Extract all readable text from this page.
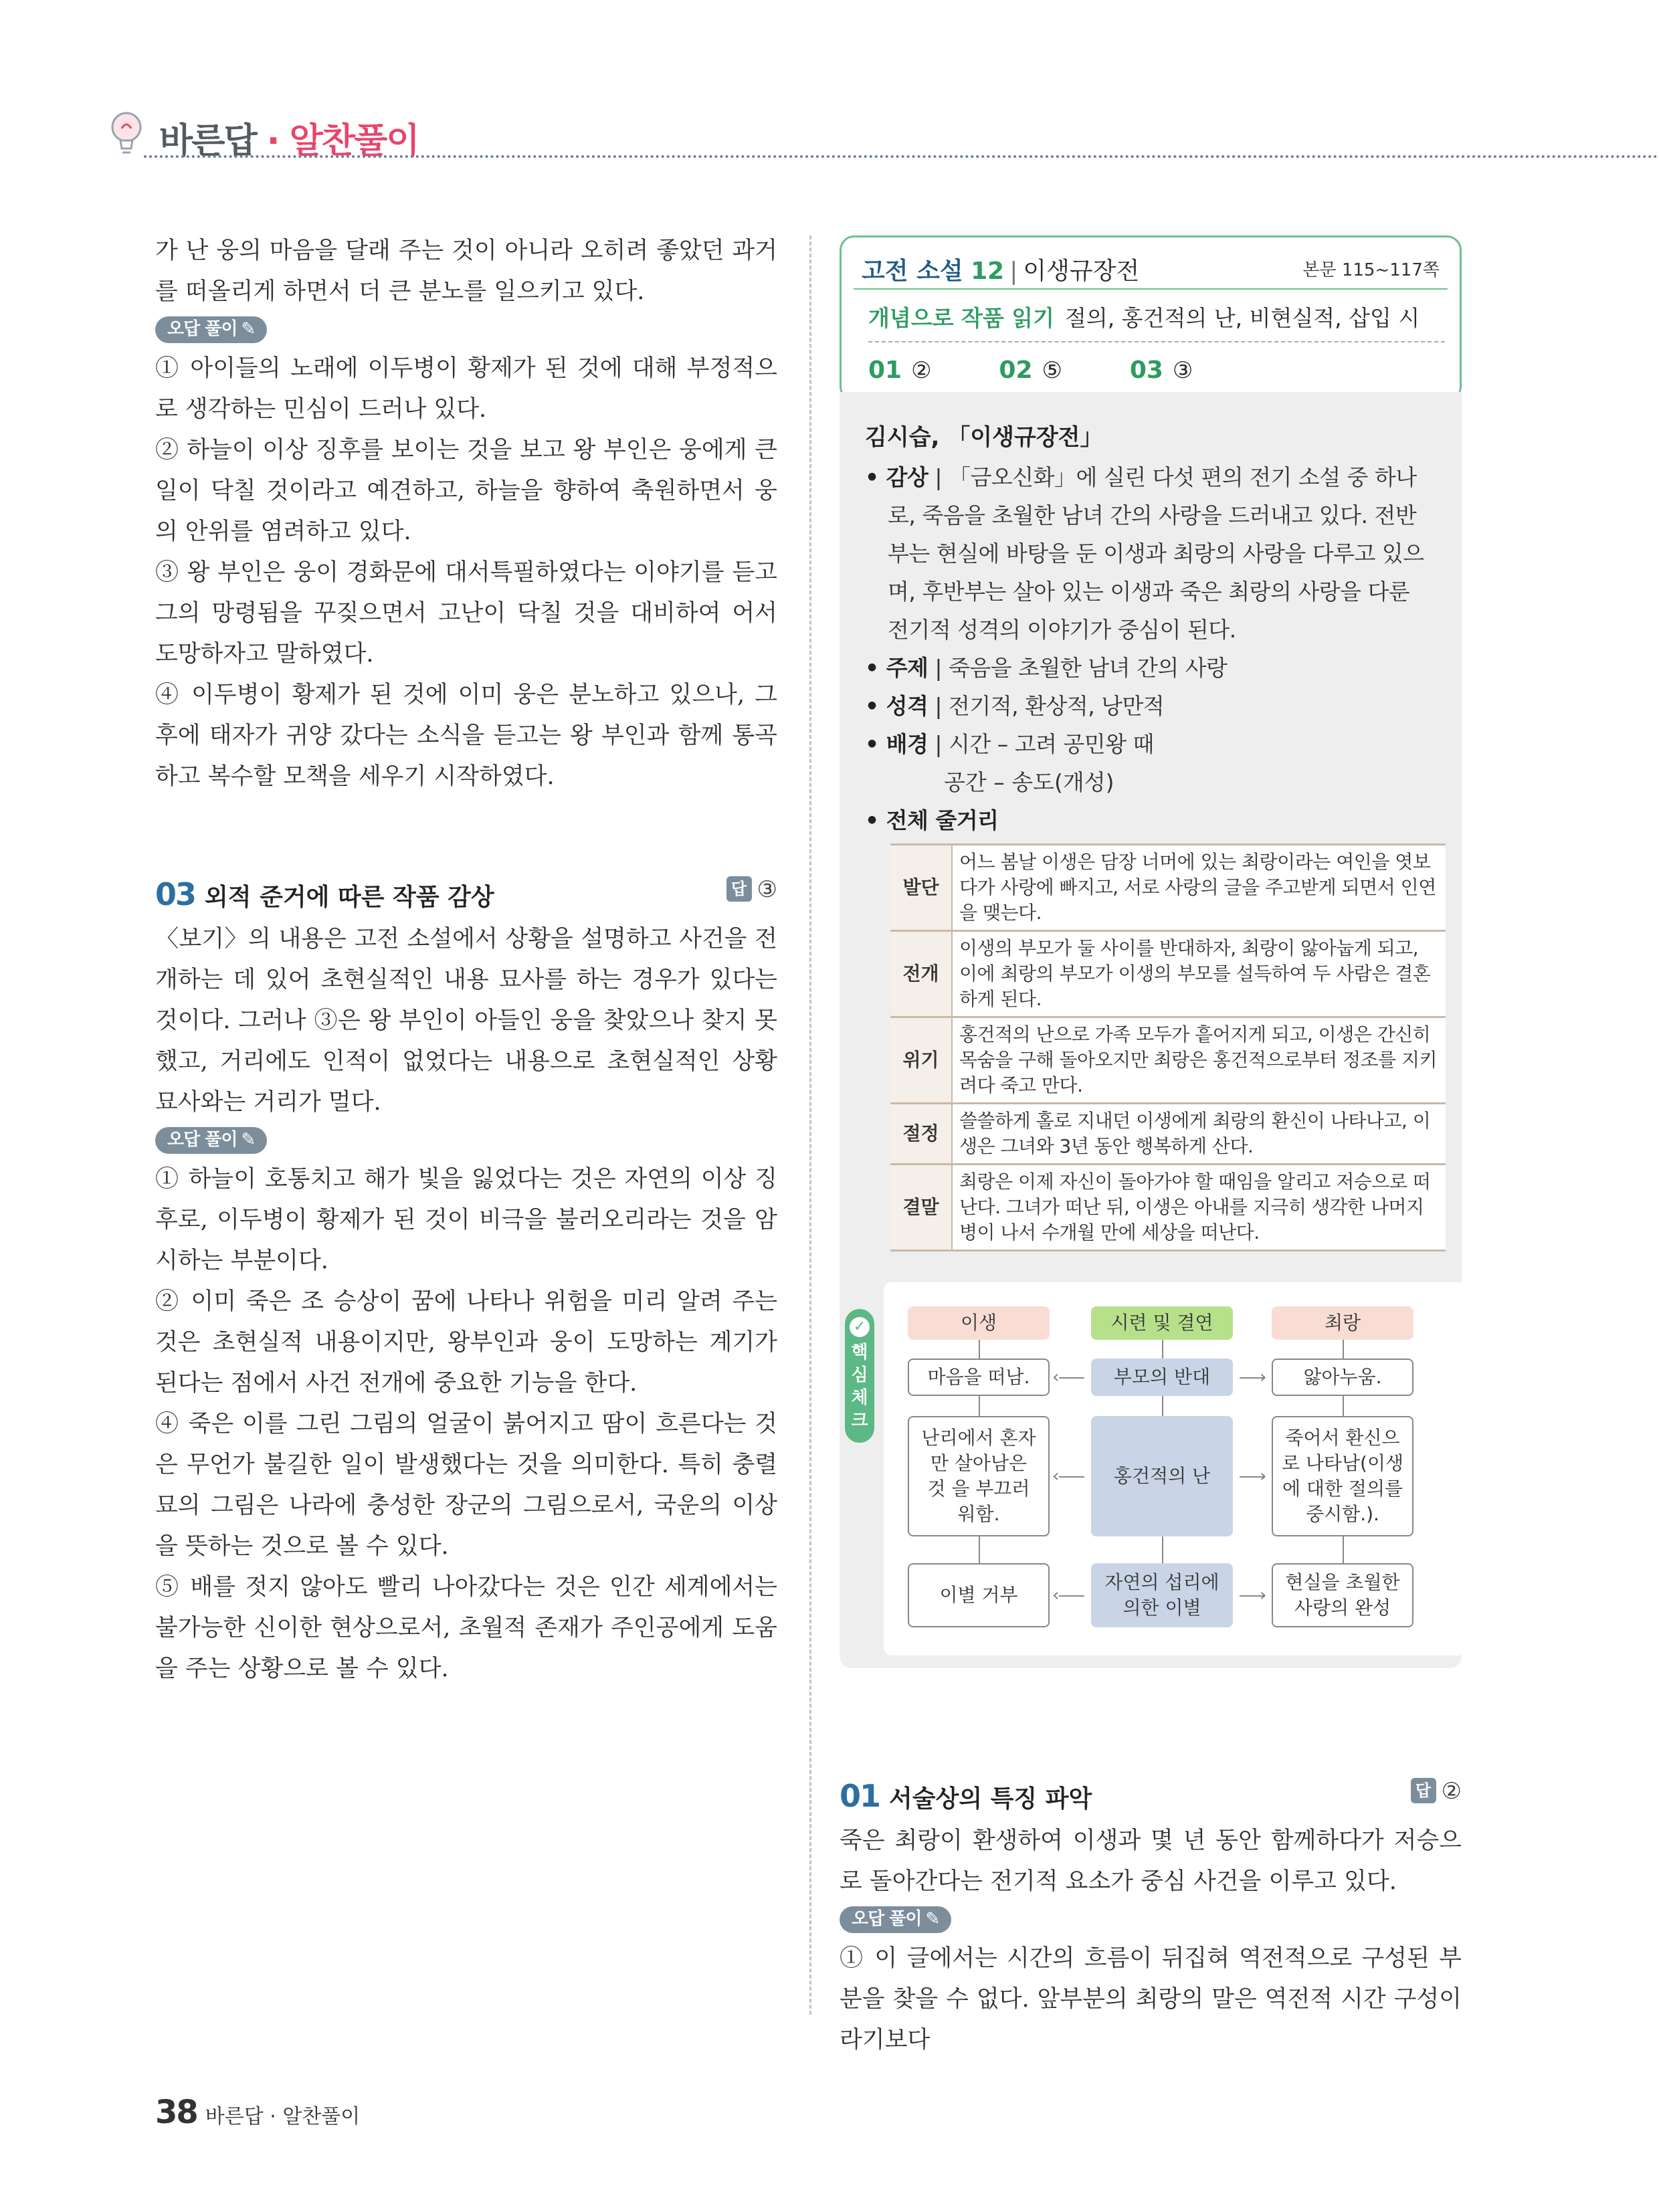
바른답 · 알찬풀이

가 난 웅의 마음을 달래 주는 것이 아니라 오히려 좋았던 과거를 떠올리게 하면서 더 큰 분노를 일으키고 있다.

오답 풀이 ✎

① 아이들의 노래에 이두병이 황제가 된 것에 대해 부정적으로 생각하는 민심이 드러나 있다.

② 하늘이 이상 징후를 보이는 것을 보고 왕 부인은 웅에게 큰일이 닥칠 것이라고 예견하고, 하늘을 향하여 축원하면서 웅의 안위를 염려하고 있다.

③ 왕 부인은 웅이 경화문에 대서특필하였다는 이야기를 듣고 그의 망령됨을 꾸짖으면서 고난이 닥칠 것을 대비하여 어서 도망하자고 말하였다.

④ 이두병이 황제가 된 것에 이미 웅은 분노하고 있으나, 그 후에 태자가 귀양 갔다는 소식을 듣고는 왕 부인과 함께 통곡하고 복수할 모책을 세우기 시작하였다.

03 외적 준거에 따른 작품 감상	답 ③

〈보기〉의 내용은 고전 소설에서 상황을 설명하고 사건을 전개하는 데 있어 초현실적인 내용 묘사를 하는 경우가 있다는 것이다. 그러나 ③은 왕 부인이 아들인 웅을 찾았으나 찾지 못했고, 거리에도 인적이 없었다는 내용으로 초현실적인 상황 묘사와는 거리가 멀다.

오답 풀이 ✎

① 하늘이 호통치고 해가 빛을 잃었다는 것은 자연의 이상 징후로, 이두병이 황제가 된 것이 비극을 불러오리라는 것을 암시하는 부분이다.

② 이미 죽은 조 승상이 꿈에 나타나 위험을 미리 알려 주는 것은 초현실적 내용이지만, 왕부인과 웅이 도망하는 계기가 된다는 점에서 사건 전개에 중요한 기능을 한다.

④ 죽은 이를 그린 그림의 얼굴이 붉어지고 땀이 흐른다는 것은 무언가 불길한 일이 발생했다는 것을 의미한다. 특히 충렬묘의 그림은 나라에 충성한 장군의 그림으로서, 국운의 이상을 뜻하는 것으로 볼 수 있다.

⑤ 배를 젓지 않아도 빨리 나아갔다는 것은 인간 세계에서는 불가능한 신이한 현상으로서, 초월적 존재가 주인공에게 도움을 주는 상황으로 볼 수 있다.

고전 소설 12 | 이생규장전	본문 115~117쪽
개념으로 작품 읽기 절의, 홍건적의 난, 비현실적, 삽입 시
01 ②	02 ⑤	03 ③
김시습, 「이생규장전」
• 감상 | 「금오신화」에 실린 다섯 편의 전기 소설 중 하나로, 죽음을 초월한 남녀 간의 사랑을 드러내고 있다. 전반부는 현실에 바탕을 둔 이생과 최랑의 사랑을 다루고 있으며, 후반부는 살아 있는 이생과 죽은 최랑의 사랑을 다룬 전기적 성격의 이야기가 중심이 된다.
• 주제 | 죽음을 초월한 남녀 간의 사랑
• 성격 | 전기적, 환상적, 낭만적
• 배경 | 시간 – 고려 공민왕 때
공간 – 송도(개성)
• 전체 줄거리
발단	어느 봄날 이생은 담장 너머에 있는 최랑이라는 여인을 엿보다가 사랑에 빠지고, 서로 사랑의 글을 주고받게 되면서 인연을 맺는다.
전개	이생의 부모가 둘 사이를 반대하자, 최랑이 앓아눕게 되고, 이에 최랑의 부모가 이생의 부모를 설득하여 두 사람은 결혼하게 된다.
위기	홍건적의 난으로 가족 모두가 흩어지게 되고, 이생은 간신히 목숨을 구해 돌아오지만 최랑은 홍건적으로부터 정조를 지키려다 죽고 만다.
절정	쓸쓸하게 홀로 지내던 이생에게 최랑의 환신이 나타나고, 이생은 그녀와 3년 동안 행복하게 산다.
결말	최랑은 이제 자신이 돌아가야 할 때임을 알리고 저승으로 떠난다. 그녀가 떠난 뒤, 이생은 아내를 지극히 생각한 나머지 병이 나서 수개월 만에 세상을 떠난다.
✓
핵심체크
이생	시련 및 결연	최랑
마음을 떠남.	부모의 반대	앓아누움.
‹	›
난리에서 혼자 만 살아남은 것 을 부끄러워함.
홍건적의 난
죽어서 환신으 로 나타남(이생 에 대한 절의를 중시함.).
‹	›
이별 거부
자연의 섭리에 의한 이별
현실을 초월한 사랑의 완성
‹	›
01 서술상의 특징 파악	답 ②

죽은 최랑이 환생하여 이생과 몇 년 동안 함께하다가 저승으로 돌아간다는 전기적 요소가 중심 사건을 이루고 있다.

오답 풀이 ✎

① 이 글에서는 시간의 흐름이 뒤집혀 역전적으로 구성된 부분을 찾을 수 없다. 앞부분의 최랑의 말은 역전적 시간 구성이라기보다

38 바른답 · 알찬풀이
